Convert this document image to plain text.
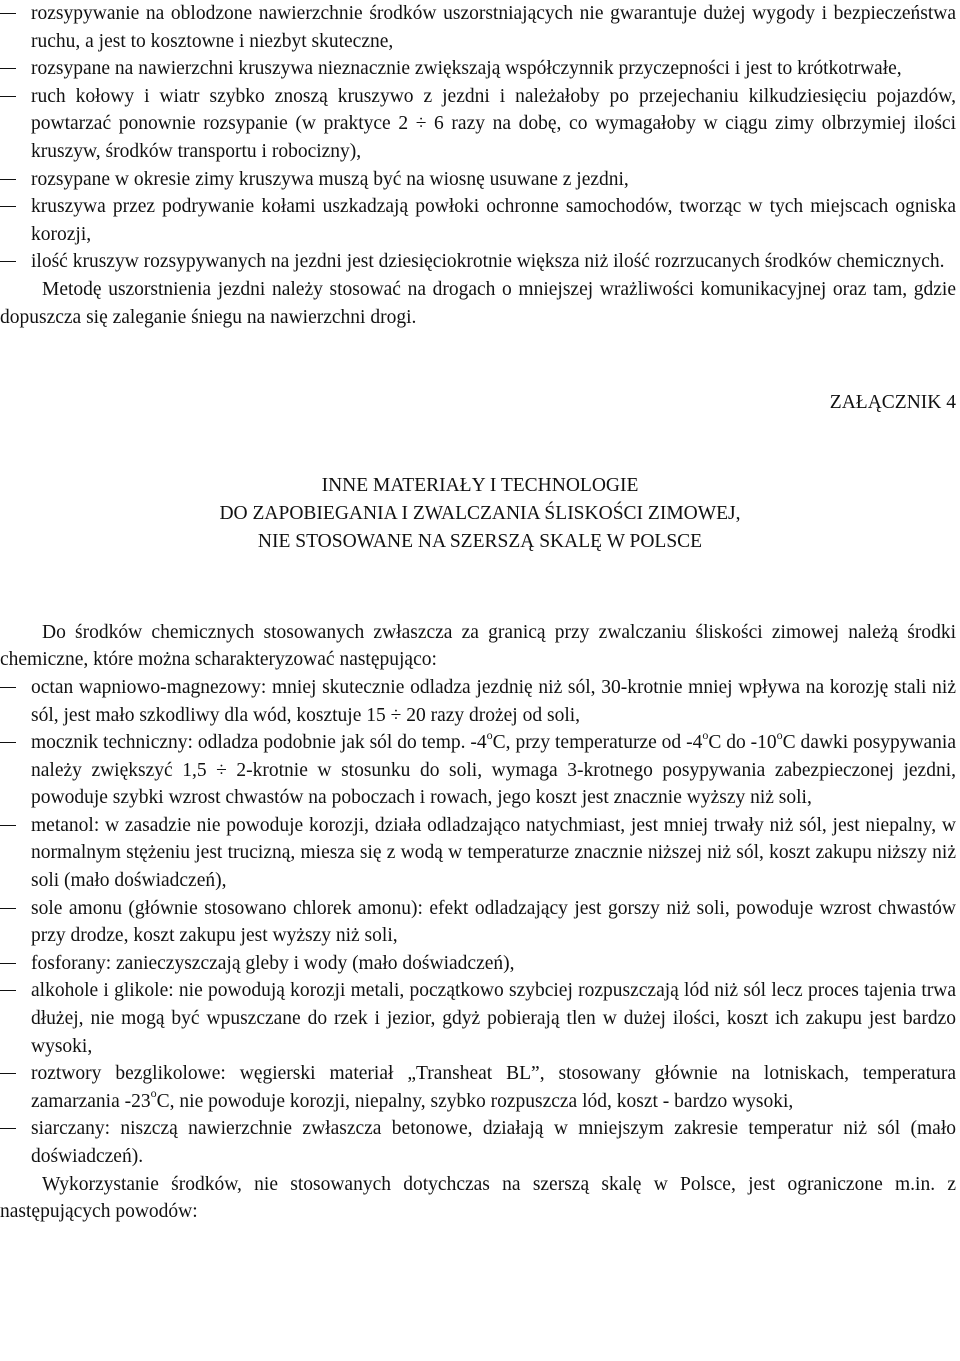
rozsypywanie na oblodzone nawierzchnie środków uszorstniających nie gwarantuje dużej wygody i bezpieczeństwa ruchu, a jest to kosztowne i niezbyt skuteczne,
rozsypane na nawierzchni kruszywa nieznacznie zwiększają współczynnik przyczepności i jest to krótkotrwałe,
ruch kołowy i wiatr szybko znoszą kruszywo z jezdni i należałoby po przejechaniu kilkudziesięciu pojazdów, powtarzać ponownie rozsypanie (w praktyce 2 ÷ 6 razy na dobę, co wymagałoby w ciągu zimy olbrzymiej ilości kruszyw, środków transportu i robocizny),
rozsypane w okresie zimy kruszywa muszą być na wiosnę usuwane z jezdni,
kruszywa przez podrywanie kołami uszkadzają powłoki ochronne samochodów, tworząc w tych miejscach ogniska korozji,
ilość kruszyw rozsypywanych na jezdni jest dziesięciokrotnie większa niż ilość rozrzucanych środków chemicznych.

Metodę uszorstnienia jezdni należy stosować na drogach o mniejszej wrażliwości komunikacyjnej oraz tam, gdzie dopuszcza się zaleganie śniegu na nawierzchni drogi.

ZAŁĄCZNIK 4
INNE MATERIAŁY I TECHNOLOGIE
DO ZAPOBIEGANIA I ZWALCZANIA ŚLISKOŚCI ZIMOWEJ,
NIE STOSOWANE NA SZERSZĄ SKALĘ W POLSCE

Do środków chemicznych stosowanych zwłaszcza za granicą przy zwalczaniu śliskości zimowej należą środki chemiczne, które można scharakteryzować następująco:

octan wapniowo-magnezowy: mniej skutecznie odladza jezdnię niż sól, 30-krotnie mniej wpływa na korozję stali niż sól, jest mało szkodliwy dla wód, kosztuje 15 ÷ 20 razy drożej od soli,
mocznik techniczny: odladza podobnie jak sól do temp. -4$^o$C, przy temperaturze od -4$^o$C do -10$^o$C dawki posypywania należy zwiększyć 1,5 ÷ 2-krotnie w stosunku do soli, wymaga 3-krotnego posypywania zabezpieczonej jezdni, powoduje szybki wzrost chwastów na poboczach i rowach, jego koszt jest znacznie wyższy niż soli,
metanol: w zasadzie nie powoduje korozji, działa odladzająco natychmiast, jest mniej trwały niż sól, jest niepalny, w normalnym stężeniu jest trucizną, miesza się z wodą w temperaturze znacznie niższej niż sól, koszt zakupu niższy niż soli (mało doświadczeń),
sole amonu (głównie stosowano chlorek amonu): efekt odladzający jest gorszy niż soli, powoduje wzrost chwastów przy drodze, koszt zakupu jest wyższy niż soli,
fosforany: zanieczyszczają gleby i wody (mało doświadczeń),
alkohole i glikole: nie powodują korozji metali, początkowo szybciej rozpuszczają lód niż sól lecz proces tajenia trwa dłużej, nie mogą być wpuszczane do rzek i jezior, gdyż pobierają tlen w dużej ilości, koszt ich zakupu jest bardzo wysoki,
roztwory bezglikolowe: węgierski materiał „Transheat BL”, stosowany głównie na lotniskach, temperatura zamarzania -23$^o$C, nie powoduje korozji, niepalny, szybko rozpuszcza lód, koszt - bardzo wysoki,
siarczany: niszczą nawierzchnie zwłaszcza betonowe, działają w mniejszym zakresie temperatur niż sól (mało doświadczeń).

Wykorzystanie środków, nie stosowanych dotychczas na szerszą skalę w Polsce, jest ograniczone m.in. z następujących powodów:
